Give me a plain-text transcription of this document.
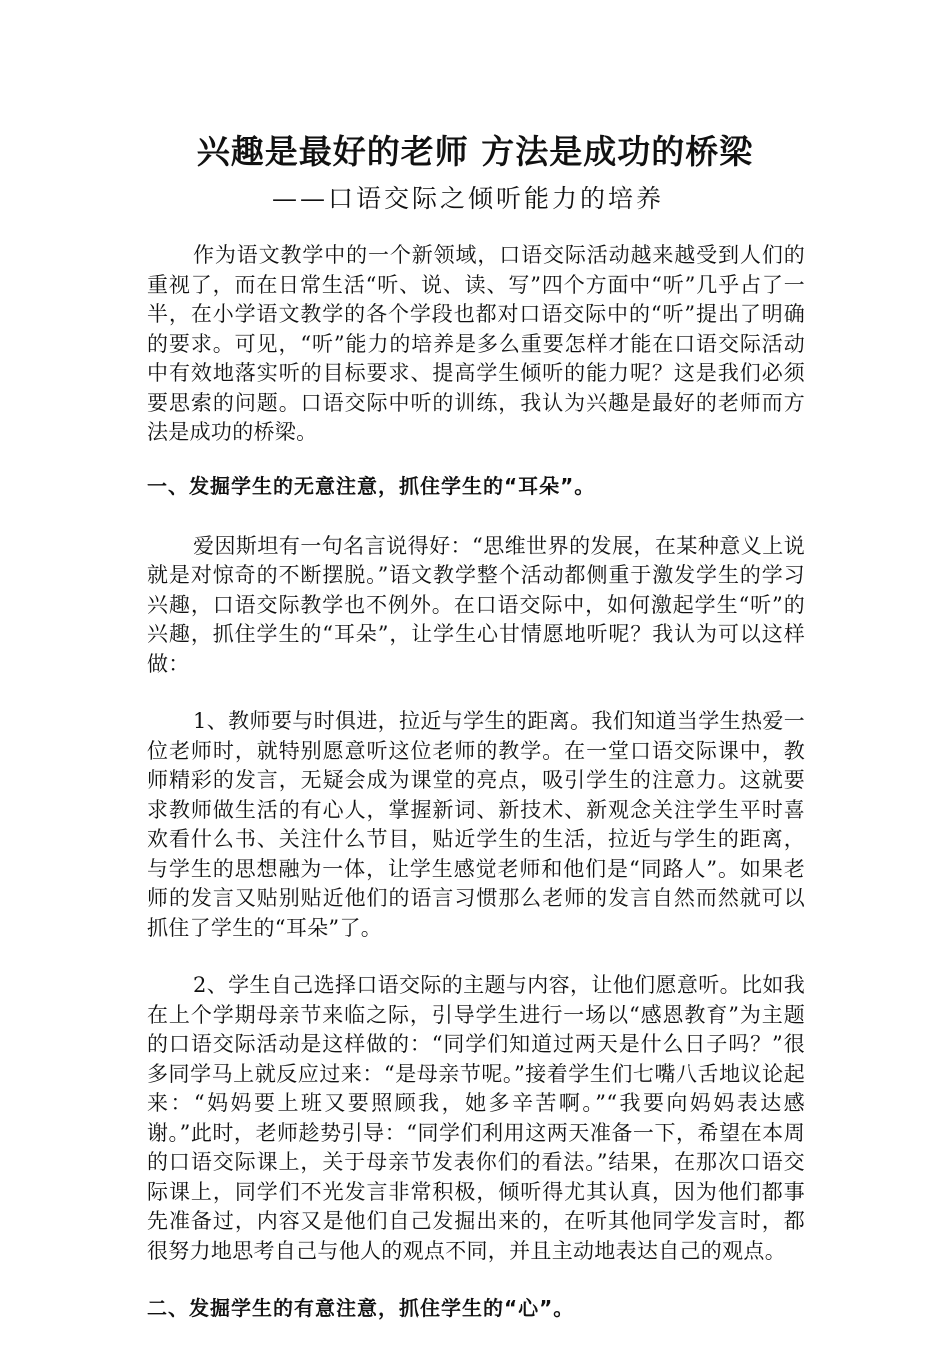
兴趣是最好的老师 方法是成功的桥梁
——口语交际之倾听能力的培养

作为语文教学中的一个新领域，口语交际活动越来越受到人们的重视了，而在日常生活“听、说、读、写”四个方面中“听”几乎占了一半，在小学语文教学的各个学段也都对口语交际中的“听”提出了明确的要求。可见，“听”能力的培养是多么重要怎样才能在口语交际活动中有效地落实听的目标要求、提高学生倾听的能力呢？这是我们必须要思索的问题。口语交际中听的训练，我认为兴趣是最好的老师而方法是成功的桥梁。

一、发掘学生的无意注意，抓住学生的“耳朵”。

爱因斯坦有一句名言说得好：“思维世界的发展，在某种意义上说就是对惊奇的不断摆脱。”语文教学整个活动都侧重于激发学生的学习兴趣，口语交际教学也不例外。在口语交际中，如何激起学生“听”的兴趣，抓住学生的“耳朵”，让学生心甘情愿地听呢？我认为可以这样做：

1、教师要与时俱进，拉近与学生的距离。我们知道当学生热爱一位老师时，就特别愿意听这位老师的教学。在一堂口语交际课中，教师精彩的发言，无疑会成为课堂的亮点，吸引学生的注意力。这就要求教师做生活的有心人，掌握新词、新技术、新观念关注学生平时喜欢看什么书、关注什么节目，贴近学生的生活，拉近与学生的距离，与学生的思想融为一体，让学生感觉老师和他们是“同路人”。如果老师的发言又贴别贴近他们的语言习惯那么老师的发言自然而然就可以抓住了学生的“耳朵”了。

2、学生自己选择口语交际的主题与内容，让他们愿意听。比如我在上个学期母亲节来临之际，引导学生进行一场以“感恩教育”为主题的口语交际活动是这样做的：“同学们知道过两天是什么日子吗？”很多同学马上就反应过来：“是母亲节呢。”接着学生们七嘴八舌地议论起来：“妈妈要上班又要照顾我，她多辛苦啊。”“我要向妈妈表达感谢。”此时，老师趁势引导：“同学们利用这两天准备一下，希望在本周的口语交际课上，关于母亲节发表你们的看法。”结果，在那次口语交际课上，同学们不光发言非常积极，倾听得尤其认真，因为他们都事先准备过，内容又是他们自己发掘出来的，在听其他同学发言时，都很努力地思考自己与他人的观点不同，并且主动地表达自己的观点。

二、发掘学生的有意注意，抓住学生的“心”。
